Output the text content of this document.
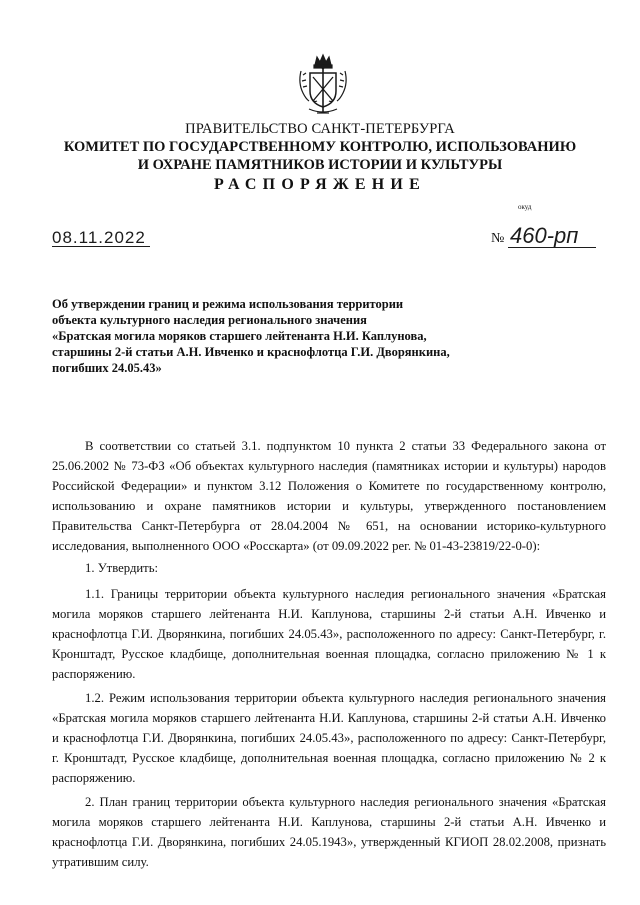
ПРАВИТЕЛЬСТВО САНКТ-ПЕТЕРБУРГА
КОМИТЕТ ПО ГОСУДАРСТВЕННОМУ КОНТРОЛЮ, ИСПОЛЬЗОВАНИЮ
И ОХРАНЕ ПАМЯТНИКОВ ИСТОРИИ И КУЛЬТУРЫ
РАСПОРЯЖЕНИЕ
окуд
08.11.2022	№ 460-рп
Об утверждении границ и режима использования территории
объекта культурного наследия регионального значения
«Братская могила моряков старшего лейтенанта Н.И. Каплунова,
старшины 2-й статьи А.Н. Ивченко и краснофлотца Г.И. Дворянкина,
погибших 24.05.43»

В соответствии со статьей 3.1. подпунктом 10 пункта 2 статьи 33 Федерального закона от 25.06.2002 № 73-ФЗ «Об объектах культурного наследия (памятниках истории и культуры) народов Российской Федерации» и пунктом 3.12 Положения о Комитете по государственному контролю, использованию и охране памятников истории и культуры, утвержденного постановлением Правительства Санкт-Петербурга от 28.04.2004 № 651, на основании историко-культурного исследования, выполненного ООО «Росскарта» (от 09.09.2022 рег. № 01-43-23819/22-0-0):

1. Утвердить:

1.1. Границы территории объекта культурного наследия регионального значения «Братская могила моряков старшего лейтенанта Н.И. Каплунова, старшины 2-й статьи А.Н. Ивченко и краснофлотца Г.И. Дворянкина, погибших 24.05.43», расположенного по адресу: Санкт-Петербург, г. Кронштадт, Русское кладбище, дополнительная военная площадка, согласно приложению № 1 к распоряжению.

1.2. Режим использования территории объекта культурного наследия регионального значения «Братская могила моряков старшего лейтенанта Н.И. Каплунова, старшины 2-й статьи А.Н. Ивченко и краснофлотца Г.И. Дворянкина, погибших 24.05.43», расположенного по адресу: Санкт-Петербург, г. Кронштадт, Русское кладбище, дополнительная военная площадка, согласно приложению № 2 к распоряжению.

2. План границ территории объекта культурного наследия регионального значения «Братская могила моряков старшего лейтенанта Н.И. Каплунова, старшины 2-й статьи А.Н. Ивченко и краснофлотца Г.И. Дворянкина, погибших 24.05.1943», утвержденный КГИОП 28.02.2008, признать утратившим силу.
